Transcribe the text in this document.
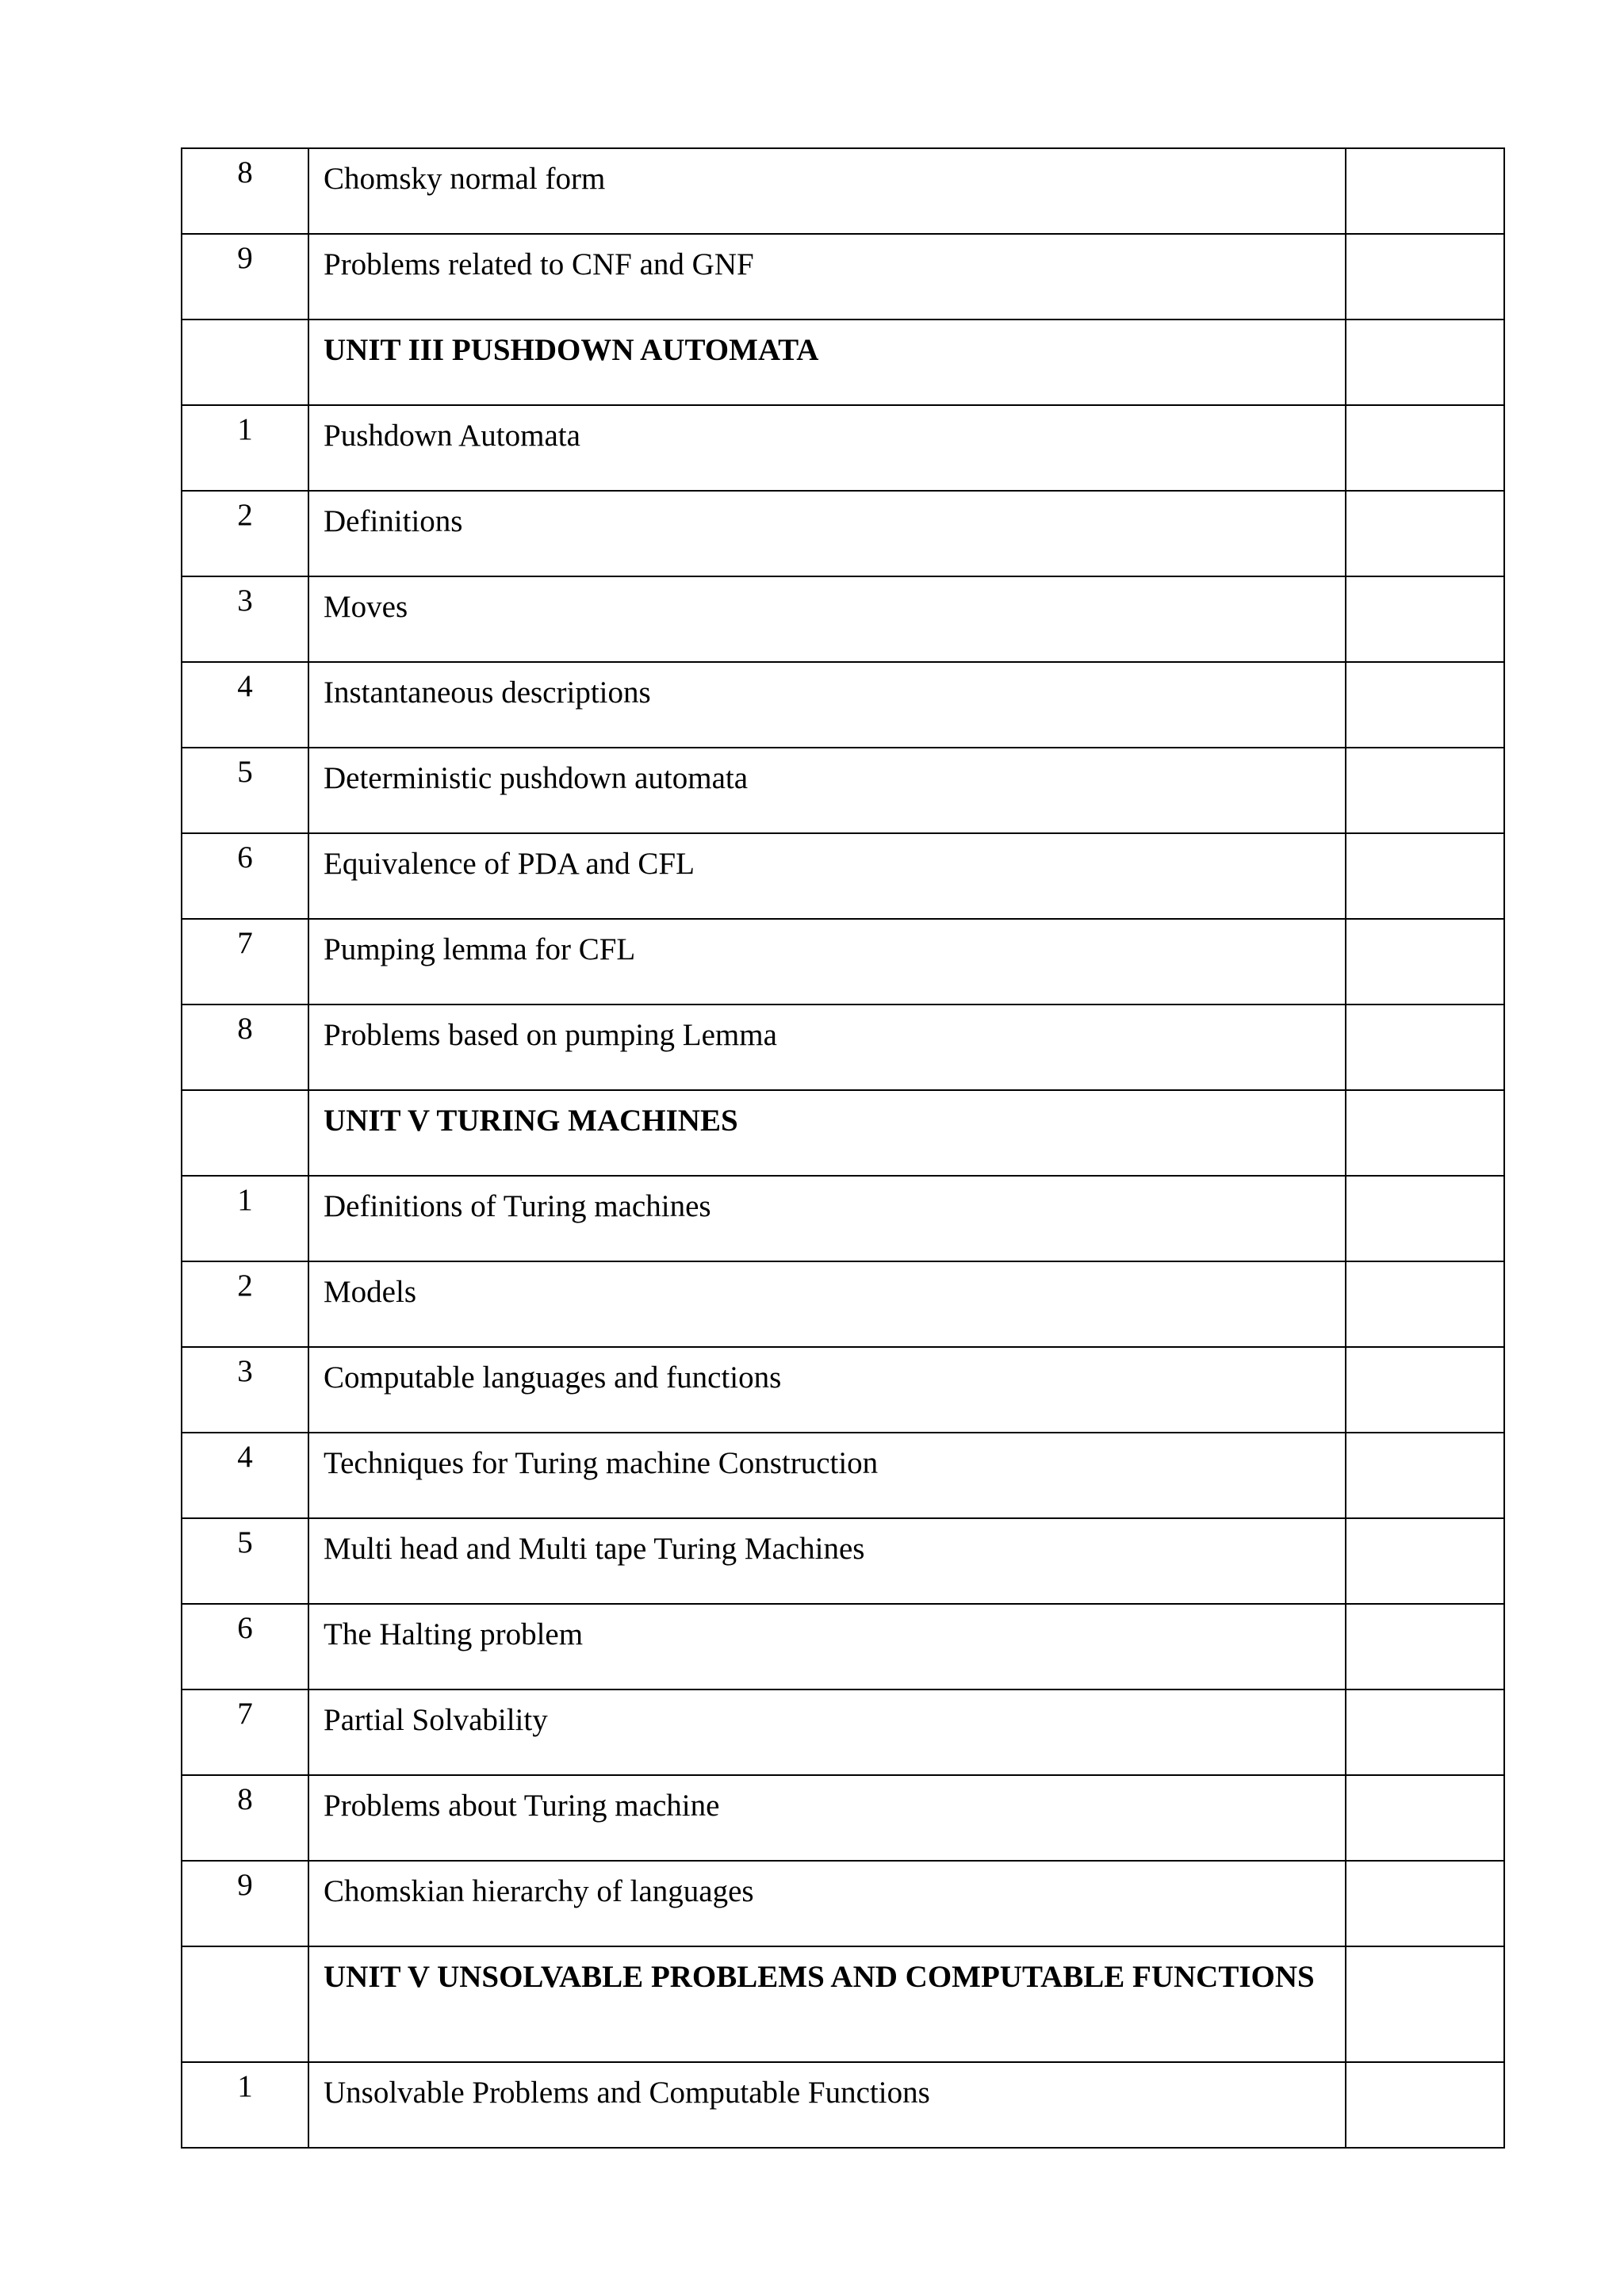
8	Chomsky normal form	
9	Problems related to CNF and GNF	
	UNIT III PUSHDOWN AUTOMATA	
1	Pushdown Automata	
2	Definitions	
3	Moves	
4	Instantaneous descriptions	
5	Deterministic pushdown automata	
6	Equivalence of PDA and CFL	
7	Pumping lemma for CFL	
8	Problems based on pumping Lemma	
	UNIT V TURING MACHINES	
1	Definitions of Turing machines	
2	Models	
3	Computable languages and functions	
4	Techniques for Turing machine Construction	
5	Multi head and Multi tape Turing Machines	
6	The Halting problem	
7	Partial Solvability	
8	Problems about Turing machine	
9	Chomskian hierarchy of languages	
	UNIT V UNSOLVABLE PROBLEMS AND COMPUTABLE FUNCTIONS	
1	Unsolvable Problems and Computable Functions	
